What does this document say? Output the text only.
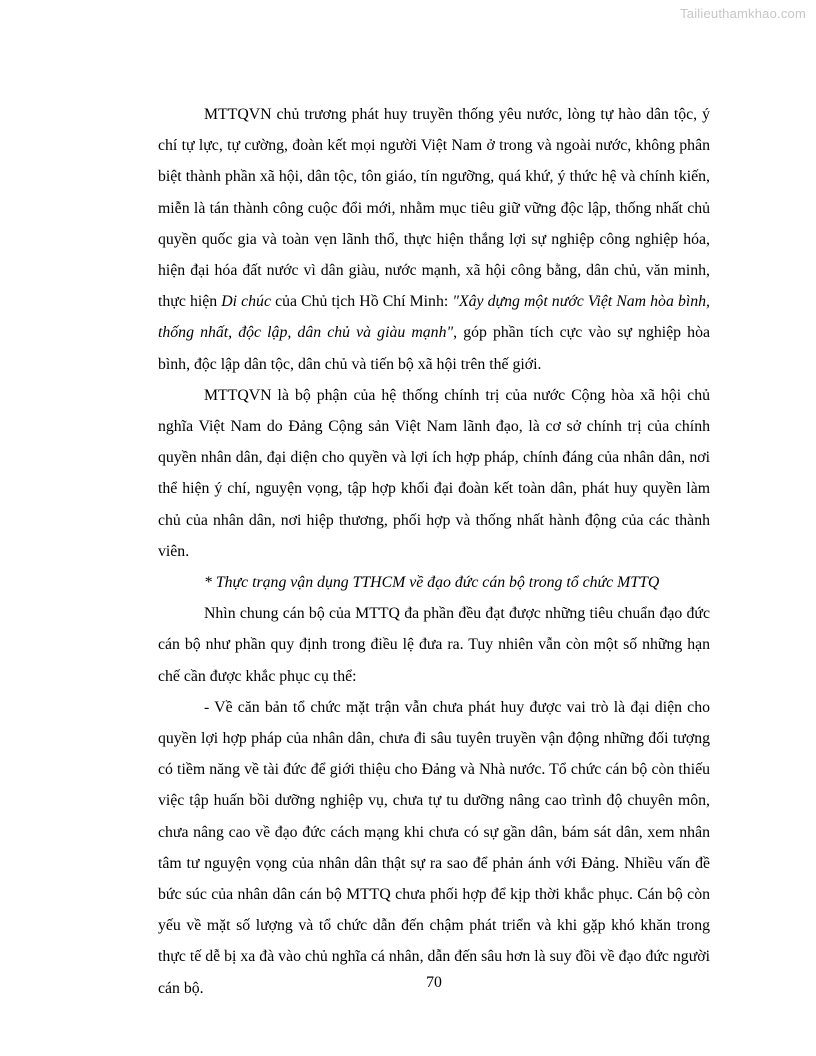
Tailieuthamkhao.com

MTTQVN chủ trương phát huy truyền thống yêu nước, lòng tự hào dân tộc, ý chí tự lực, tự cường, đoàn kết mọi người Việt Nam ở trong và ngoài nước, không phân biệt thành phần xã hội, dân tộc, tôn giáo, tín ngưỡng, quá khứ, ý thức hệ và chính kiến, miễn là tán thành công cuộc đổi mới, nhằm mục tiêu giữ vững độc lập, thống nhất chủ quyền quốc gia và toàn vẹn lãnh thổ, thực hiện thắng lợi sự nghiệp công nghiệp hóa, hiện đại hóa đất nước vì dân giàu, nước mạnh, xã hội công bằng, dân chủ, văn minh, thực hiện Di chúc của Chủ tịch Hồ Chí Minh: "Xây dựng một nước Việt Nam hòa bình, thống nhất, độc lập, dân chủ và giàu mạnh", góp phần tích cực vào sự nghiệp hòa bình, độc lập dân tộc, dân chủ và tiến bộ xã hội trên thế giới.

MTTQVN là bộ phận của hệ thống chính trị của nước Cộng hòa xã hội chủ nghĩa Việt Nam do Đảng Cộng sản Việt Nam lãnh đạo, là cơ sở chính trị của chính quyền nhân dân, đại diện cho quyền và lợi ích hợp pháp, chính đáng của nhân dân, nơi thể hiện ý chí, nguyện vọng, tập hợp khối đại đoàn kết toàn dân, phát huy quyền làm chủ của nhân dân, nơi hiệp thương, phối hợp và thống nhất hành động của các thành viên.

* Thực trạng vận dụng TTHCM về đạo đức cán bộ trong tổ chức MTTQ

Nhìn chung cán bộ của MTTQ đa phần đều đạt được những tiêu chuẩn đạo đức cán bộ như phần quy định trong điều lệ đưa ra. Tuy nhiên vẫn còn một số những hạn chế cần được khắc phục cụ thể:

- Về căn bản tổ chức mặt trận vẫn chưa phát huy được vai trò là đại diện cho quyền lợi hợp pháp của nhân dân, chưa đi sâu tuyên truyền vận động những đối tượng có tiềm năng về tài đức để giới thiệu cho Đảng và Nhà nước. Tổ chức cán bộ còn thiếu việc tập huấn bồi dưỡng nghiệp vụ, chưa tự tu dưỡng nâng cao trình độ chuyên môn, chưa nâng cao về đạo đức cách mạng khi chưa có sự gần dân, bám sát dân, xem nhân tâm tư nguyện vọng của nhân dân thật sự ra sao để phản ánh với Đảng. Nhiều vấn đề bức súc của nhân dân cán bộ MTTQ chưa phối hợp để kịp thời khắc phục. Cán bộ còn yếu về mặt số lượng và tổ chức dẫn đến chậm phát triển và khi gặp khó khăn trong thực tế dễ bị xa đà vào chủ nghĩa cá nhân, dẫn đến sâu hơn là suy đồi về đạo đức người cán bộ.	70
